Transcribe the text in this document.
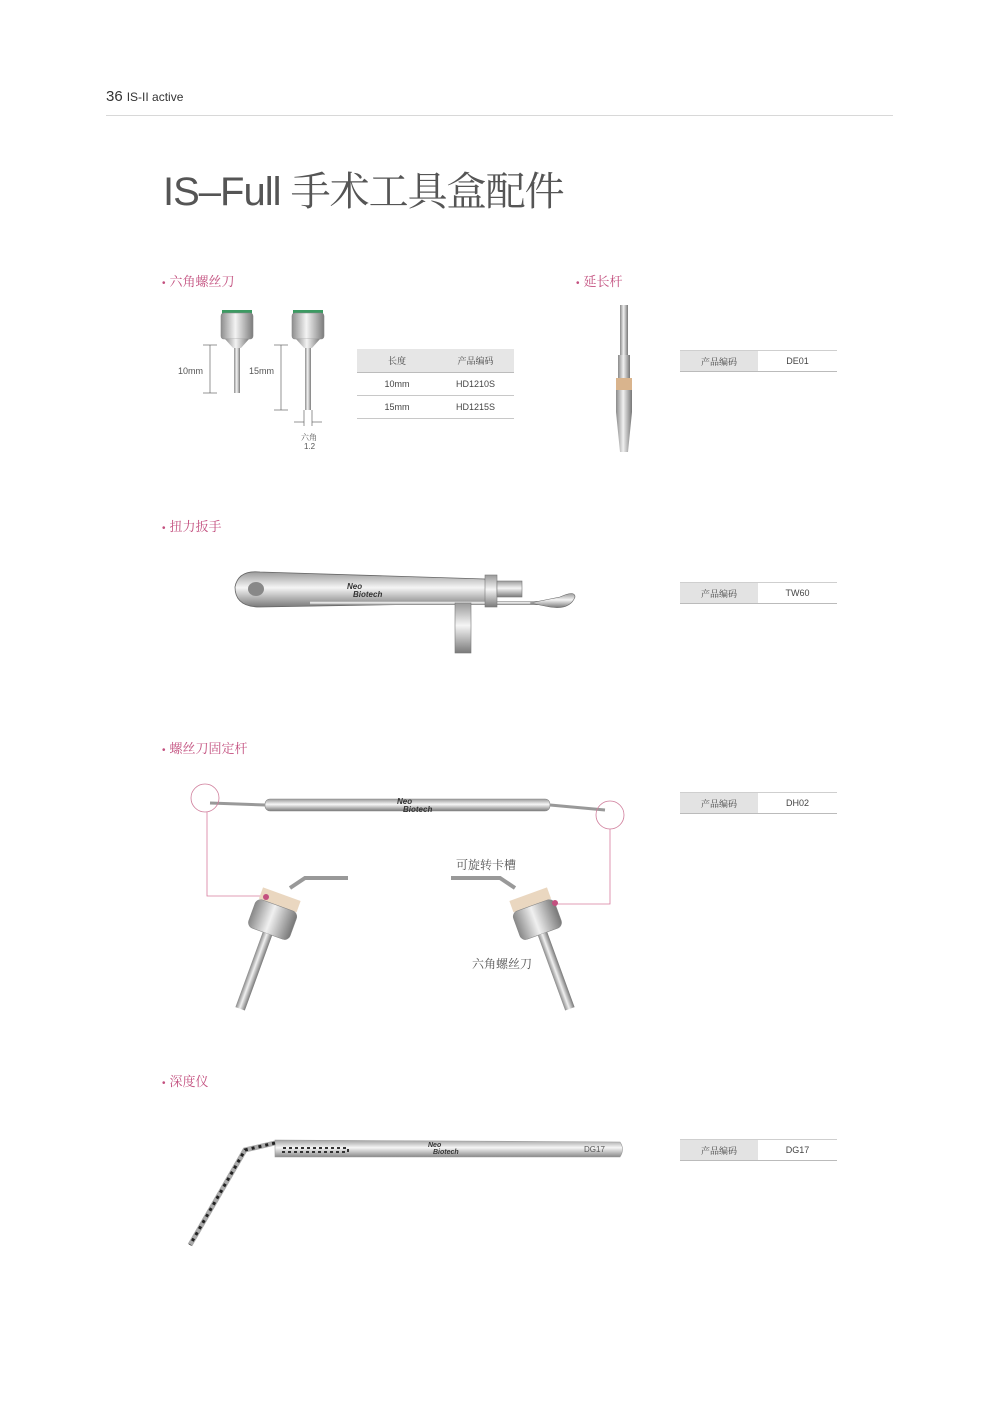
36 IS-II active
IS–Full 手术工具盒配件
• 六角螺丝刀
10mm	15mm
六角
1.2
长度	产品编码
10mm	HD1210S
15mm	HD1215S
• 延长杆
产品编码	DE01
• 扭力扳手
Neo
Biotech	产品编码	TW60
• 螺丝刀固定杆
Neo
Biotech
可旋转卡槽
六角螺丝刀
产品编码	DH02
• 深度仪
Neo
Biotech	DG17	产品编码	DG17
